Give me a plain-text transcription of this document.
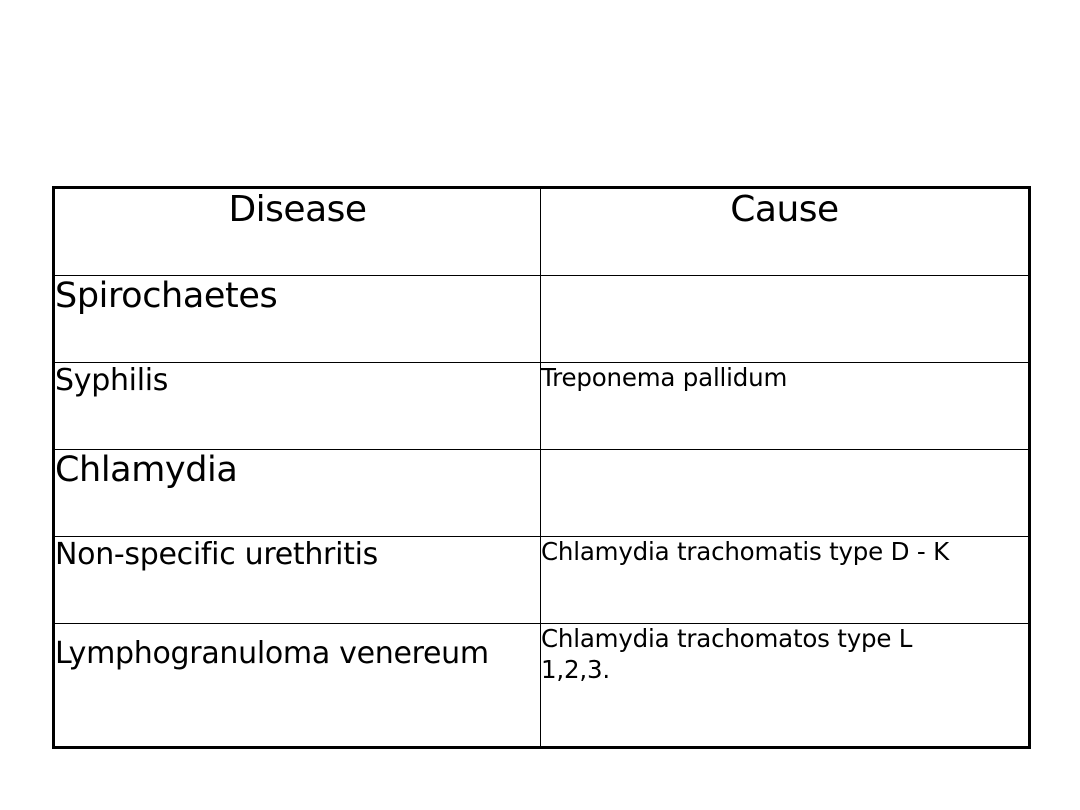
Disease	Cause
Spirochaetes	
Syphilis	Treponema pallidum
Chlamydia	
Non-specific urethritis	Chlamydia trachomatis type D - K
Lymphogranuloma venereum	Chlamydia trachomatos type L 1,2,3.
